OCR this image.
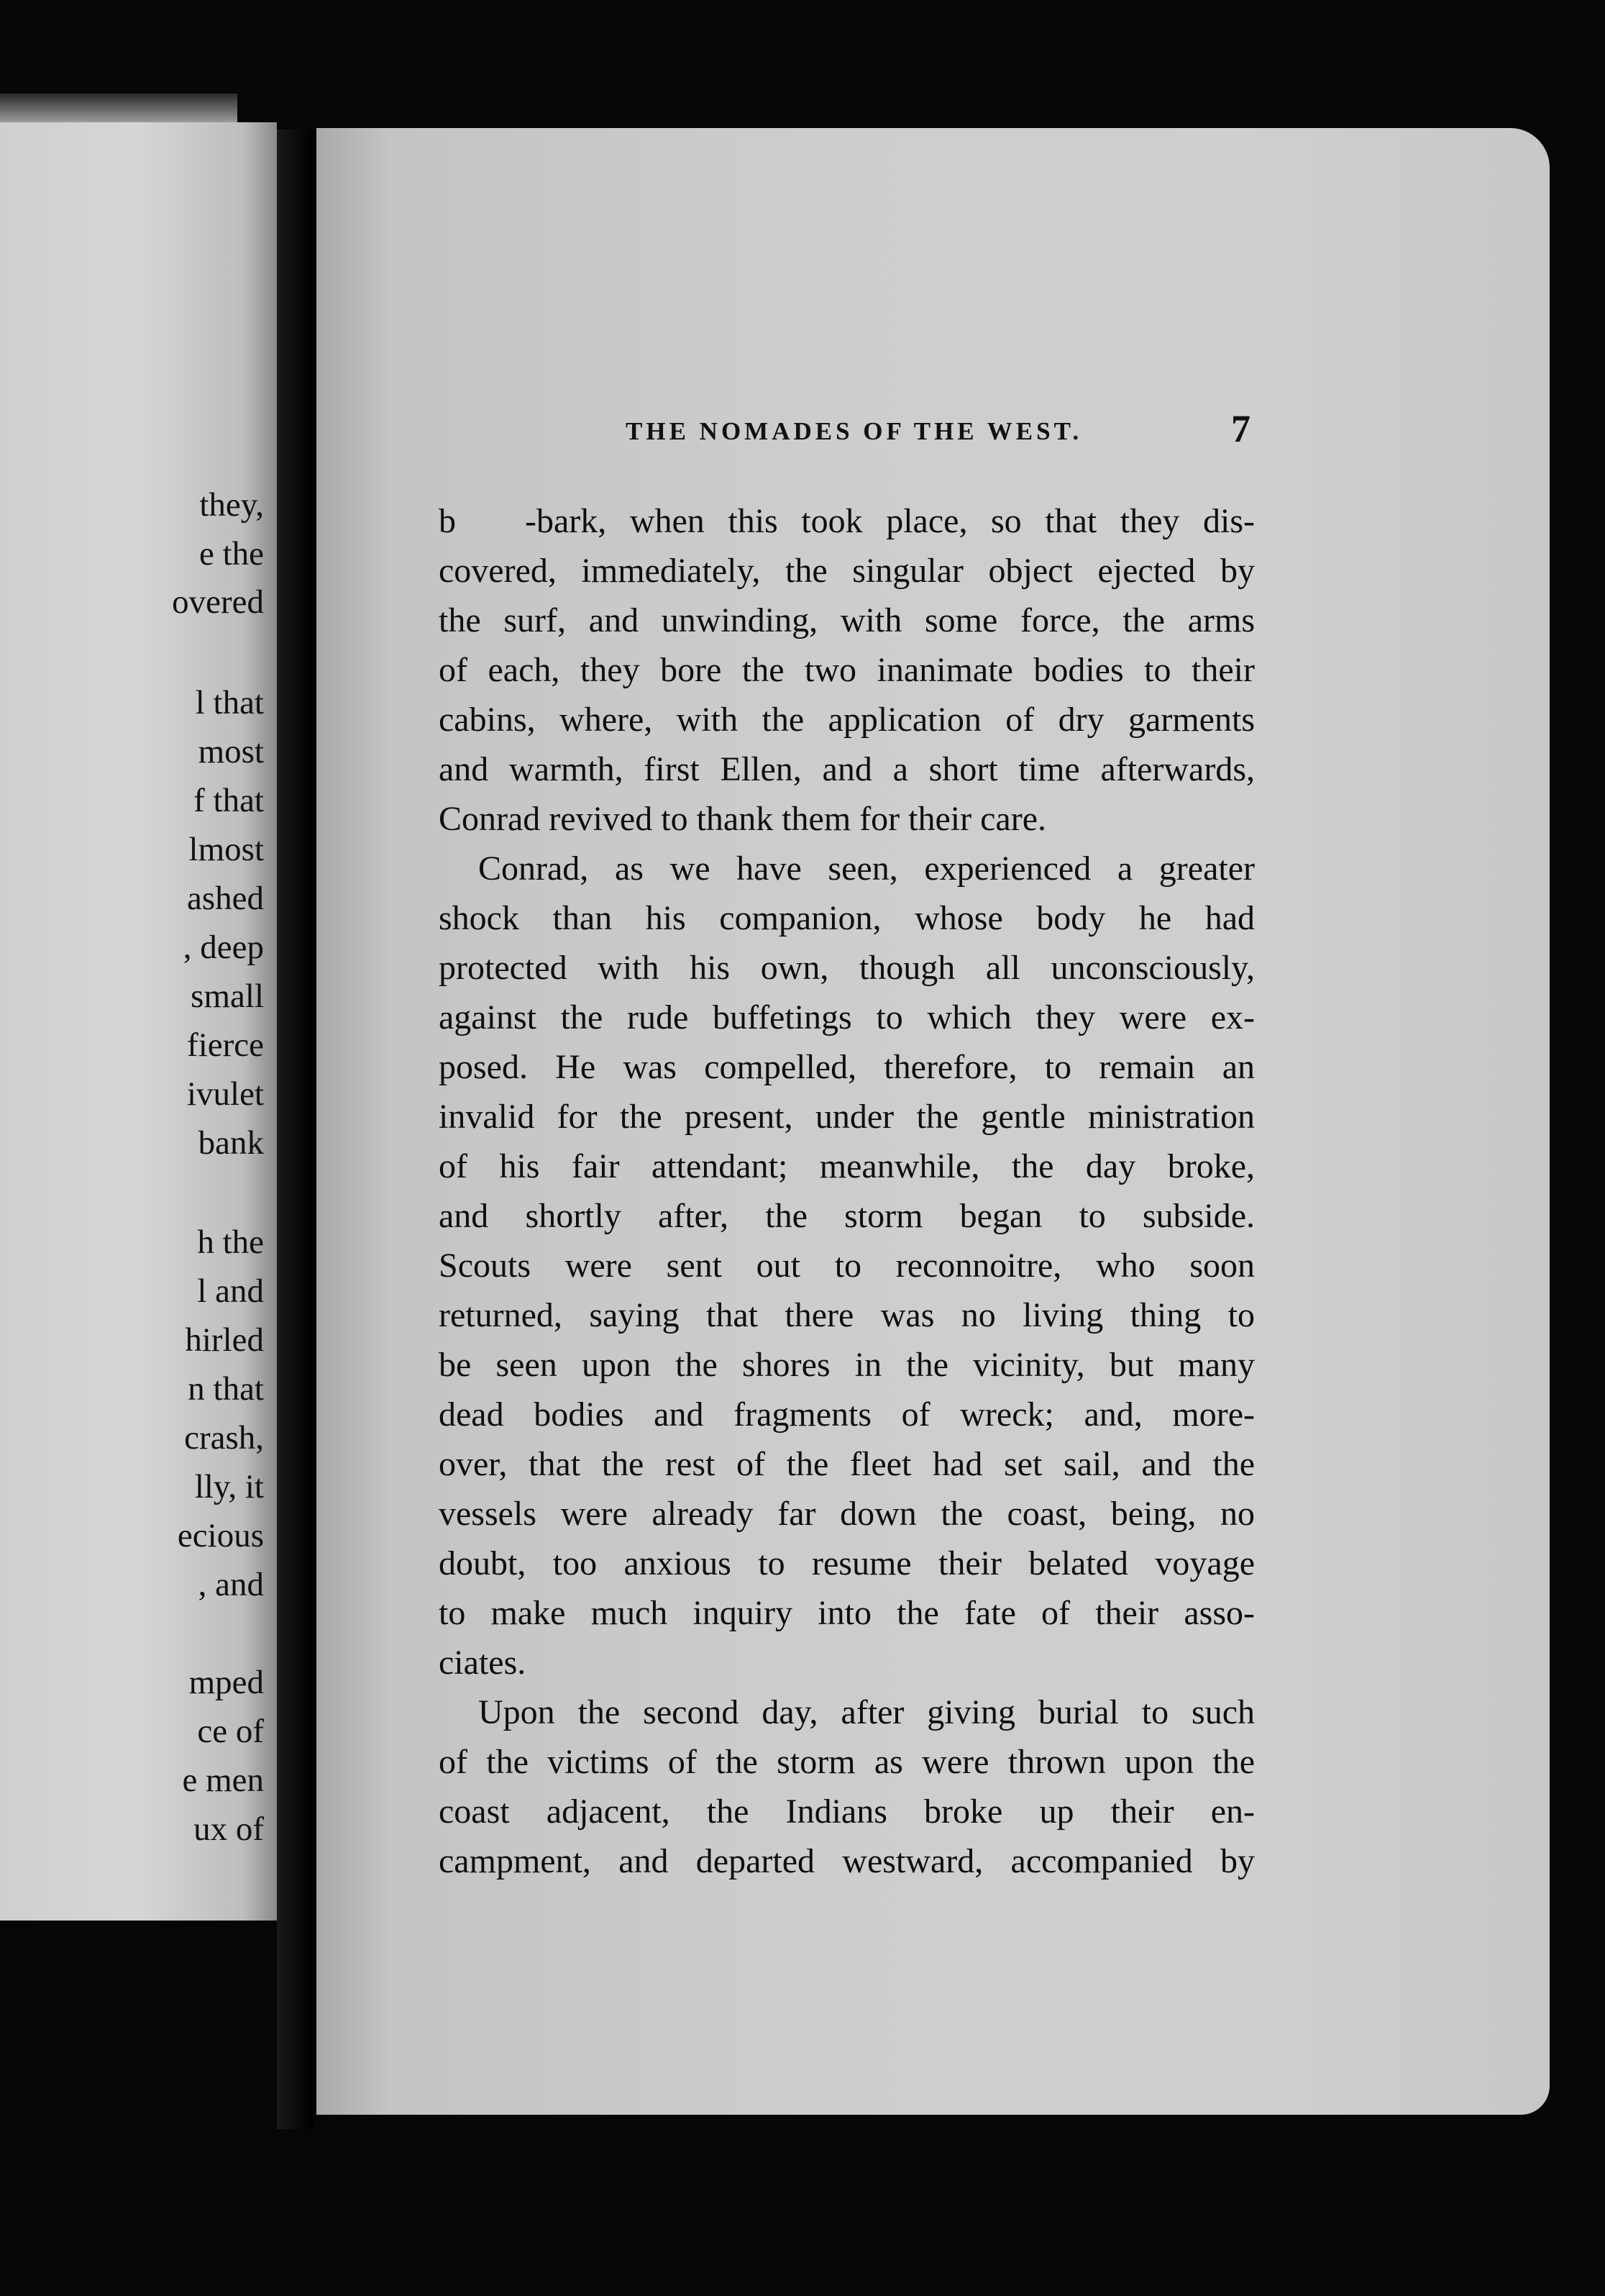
they,
e the
overed
l that
most
f that
lmost
ashed
, deep
small
fierce
ivulet
bank
h the
l and
hirled
n that
crash,
lly, it
ecious
, and
mped
ce of
e men
ux of
THE NOMADES OF THE WEST.	7
b  -bark, when this took place, so that they dis-
covered, immediately, the singular object ejected by
the surf, and unwinding, with some force, the arms
of each, they bore the two inanimate bodies to their
cabins, where, with the application of dry garments
and warmth, first Ellen, and a short time afterwards,
Conrad revived to thank them for their care.
Conrad, as we have seen, experienced a greater
shock than his companion, whose body he had
protected with his own, though all unconsciously,
against the rude buffetings to which they were ex-
posed. He was compelled, therefore, to remain an
invalid for the present, under the gentle ministration
of his fair attendant; meanwhile, the day broke,
and shortly after, the storm began to subside.
Scouts were sent out to reconnoitre, who soon
returned, saying that there was no living thing to
be seen upon the shores in the vicinity, but many
dead bodies and fragments of wreck; and, more-
over, that the rest of the fleet had set sail, and the
vessels were already far down the coast, being, no
doubt, too anxious to resume their belated voyage
to make much inquiry into the fate of their asso-
ciates.
Upon the second day, after giving burial to such
of the victims of the storm as were thrown upon the
coast adjacent, the Indians broke up their en-
campment, and departed westward, accompanied by
